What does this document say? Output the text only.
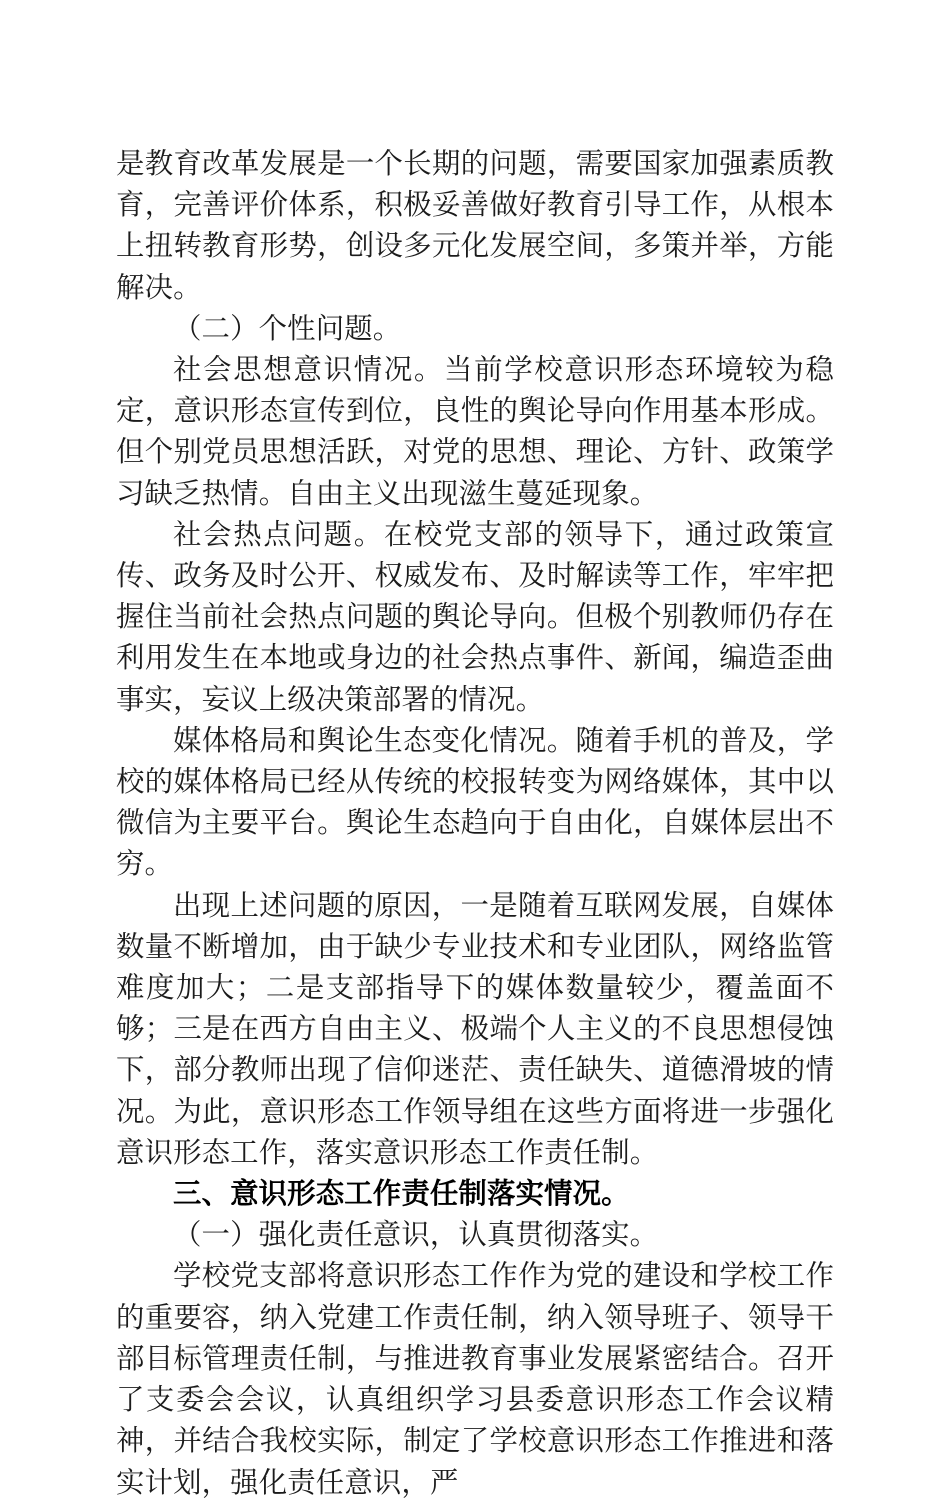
是教育改革发展是一个长期的问题，需要国家加强素质教育，完善评价体系，积极妥善做好教育引导工作，从根本上扭转教育形势，创设多元化发展空间，多策并举，方能解决。

（二）个性问题。

社会思想意识情况。当前学校意识形态环境较为稳定，意识形态宣传到位，良性的舆论导向作用基本形成。但个别党员思想活跃，对党的思想、理论、方针、政策学习缺乏热情。自由主义出现滋生蔓延现象。

社会热点问题。在校党支部的领导下，通过政策宣传、政务及时公开、权威发布、及时解读等工作，牢牢把握住当前社会热点问题的舆论导向。但极个别教师仍存在利用发生在本地或身边的社会热点事件、新闻，编造歪曲事实，妄议上级决策部署的情况。

媒体格局和舆论生态变化情况。随着手机的普及，学校的媒体格局已经从传统的校报转变为网络媒体，其中以微信为主要平台。舆论生态趋向于自由化，自媒体层出不穷。

出现上述问题的原因，一是随着互联网发展，自媒体数量不断增加，由于缺少专业技术和专业团队，网络监管难度加大；二是支部指导下的媒体数量较少，覆盖面不够；三是在西方自由主义、极端个人主义的不良思想侵蚀下，部分教师出现了信仰迷茫、责任缺失、道德滑坡的情况。为此，意识形态工作领导组在这些方面将进一步强化意识形态工作，落实意识形态工作责任制。

三、意识形态工作责任制落实情况。

（一）强化责任意识，认真贯彻落实。

学校党支部将意识形态工作作为党的建设和学校工作的重要容，纳入党建工作责任制，纳入领导班子、领导干部目标管理责任制，与推进教育事业发展紧密结合。召开了支委会会议，认真组织学习县委意识形态工作会议精神，并结合我校实际，制定了学校意识形态工作推进和落实计划，强化责任意识，严
